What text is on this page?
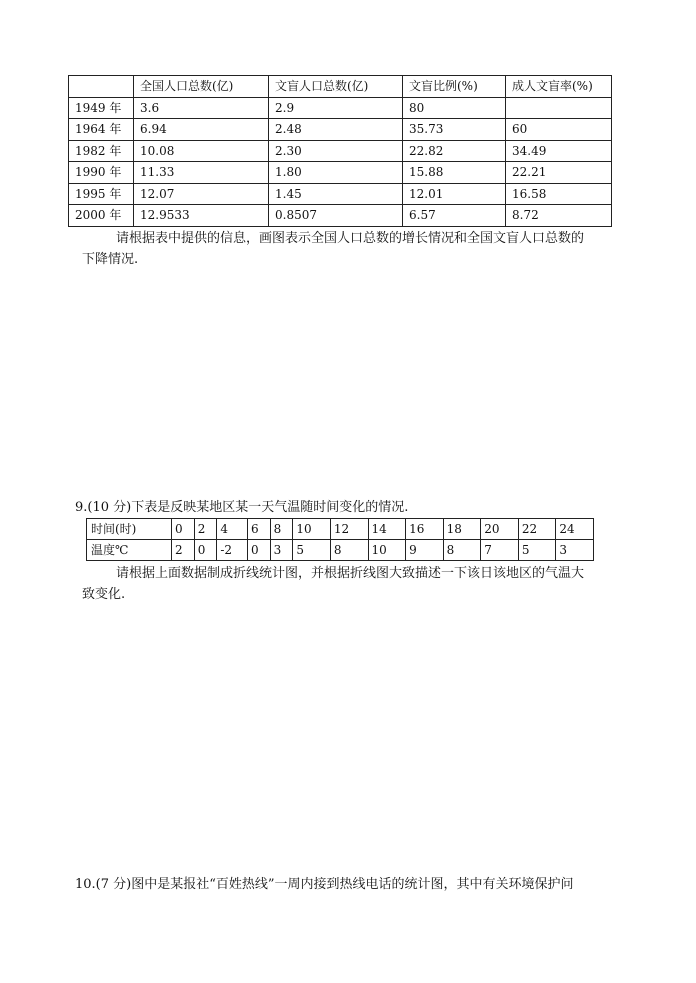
	全国人口总数(亿)	文盲人口总数(亿)	文盲比例(%)	成人文盲率(%)
1949 年	3.6	2.9	80	
1964 年	6.94	2.48	35.73	60
1982 年	10.08	2.30	22.82	34.49
1990 年	11.33	1.80	15.88	22.21
1995 年	12.07	1.45	12.01	16.58
2000 年	12.9533	0.8507	6.57	8.72
请根据表中提供的信息，画图表示全国人口总数的增长情况和全国文盲人口总数的
下降情况.
9.(10 分)下表是反映某地区某一天气温随时间变化的情况.
时间(时)	0	2	4	6	8	10	12	14	16	18	20	22	24
温度℃	2	0	-2	0	3	5	8	10	9	8	7	5	3
请根据上面数据制成折线统计图，并根据折线图大致描述一下该日该地区的气温大
致变化.
10.(7 分)图中是某报社“百姓热线”一周内接到热线电话的统计图，其中有关环境保护问
